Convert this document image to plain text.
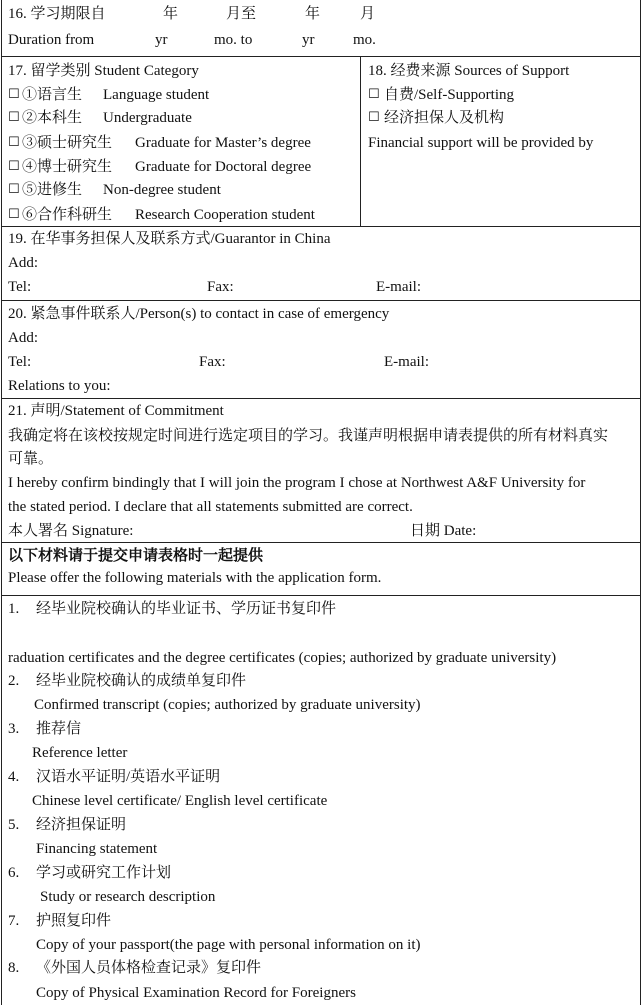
16. 学习期限自	年	月至	年	月
Duration from	yr	mo. to	yr	mo.
17. 留学类别 Student Category
☐ ①语言生 Language student
☐ ②本科生 Undergraduate
☐ ③硕士研究生 Graduate for Master’s degree
☐ ④博士研究生 Graduate for Doctoral degree
☐ ⑤进修生 Non-degree student
☐ ⑥合作科研生 Research Cooperation student
18. 经费来源 Sources of Support
☐ 自费/Self-Supporting
☐ 经济担保人及机构
Financial support will be provided by
19. 在华事务担保人及联系方式/Guarantor in China
Add:
Tel:	Fax:	E-mail:
20. 紧急事件联系人/Person(s) to contact in case of emergency
Add:
Tel:	Fax:	E-mail:
Relations to you:
21. 声明/Statement of Commitment
我确定将在该校按规定时间进行选定项目的学习。我谨声明根据申请表提供的所有材料真实
可靠。
I hereby confirm bindingly that I will join the program I chose at Northwest A&F University for
the stated period. I declare that all statements submitted are correct.
本人署名 Signature:	日期 Date:
以下材料请于提交申请表格时一起提供
Please offer the following materials with the application form.
1. 经毕业院校确认的毕业证书、学历证书复印件
raduation certificates and the degree certificates (copies; authorized by graduate university)
2. 经毕业院校确认的成绩单复印件
Confirmed transcript (copies; authorized by graduate university)
3. 推荐信
Reference letter
4. 汉语水平证明/英语水平证明
Chinese level certificate/ English level certificate
5. 经济担保证明
Financing statement
6. 学习或研究工作计划
Study or research description
7. 护照复印件
Copy of your passport(the page with personal information on it)
8. 《外国人员体格检查记录》复印件
Copy of Physical Examination Record for Foreigners
